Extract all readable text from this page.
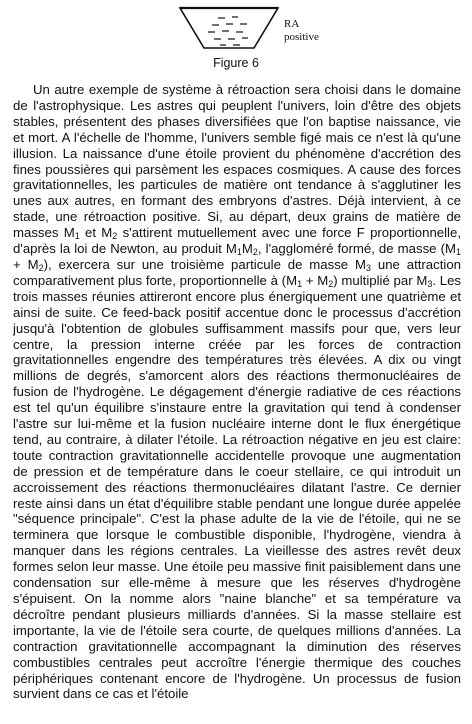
RA
positive
Figure 6

Un autre exemple de système à rétroaction sera choisi dans le domaine de l'astrophysique. Les astres qui peuplent l'univers, loin d'être des objets stables, présentent des phases diversifiées que l'on baptise naissance, vie et mort. A l'échelle de l'homme, l'univers semble figé mais ce n'est là qu'une illusion. La naissance d'une étoile provient du phénomène d'accrétion des fines poussières qui parsèment les espaces cosmiques. A cause des forces gravitationnelles, les particules de matière ont tendance à s'agglutiner les unes aux autres, en formant des embryons d'astres. Déjà intervient, à ce stade, une rétroaction positive. Si, au départ, deux grains de matière de masses $M_1$ et $M_2$ s'attirent mutuellement avec une force F proportionnelle, d'après la loi de Newton, au produit $M_1M_2$, l'aggloméré formé, de masse $(M_1 + M_2)$, exercera sur une troisième particule de masse $M_3$ une attraction comparativement plus forte, proportionnelle à $(M_1 + M_2)$ multiplié par $M_3$. Les trois masses réunies attireront encore plus énergiquement une quatrième et ainsi de suite. Ce feed-back positif accentue donc le processus d'accrétion jusqu'à l'obtention de globules suffisamment massifs pour que, vers leur centre, la pression interne créée par les forces de contraction gravitationnelles engendre des températures très élevées. A dix ou vingt millions de degrés, s'amorcent alors des réactions thermonucléaires de fusion de l'hydrogène. Le dégagement d'énergie radiative de ces réactions est tel qu'un équilibre s'instaure entre la gravitation qui tend à condenser l'astre sur lui-même et la fusion nucléaire interne dont le flux énergétique tend, au contraire, à dilater l'étoile. La rétroaction négative en jeu est claire: toute contraction gravitationnelle accidentelle provoque une augmentation de pression et de température dans le coeur stellaire, ce qui introduit un accroissement des réactions thermonucléaires dilatant l'astre. Ce dernier reste ainsi dans un état d'équilibre stable pendant une longue durée appelée "séquence principale". C'est la phase adulte de la vie de l'étoile, qui ne se terminera que lorsque le combustible disponible, l'hydrogène, viendra à manquer dans les régions centrales. La vieillesse des astres revêt deux formes selon leur masse. Une étoile peu massive finit paisiblement dans une condensation sur elle-même à mesure que les réserves d'hydrogène s'épuisent. On la nomme alors "naine blanche" et sa température va décroître pendant plusieurs milliards d'années. Si la masse stellaire est importante, la vie de l'étoile sera courte, de quelques millions d'années. La contraction gravitationnelle accompagnant la diminution des réserves combustibles centrales peut accroître l'énergie thermique des couches périphériques contenant encore de l'hydrogène. Un processus de fusion survient dans ce cas et l'étoile
